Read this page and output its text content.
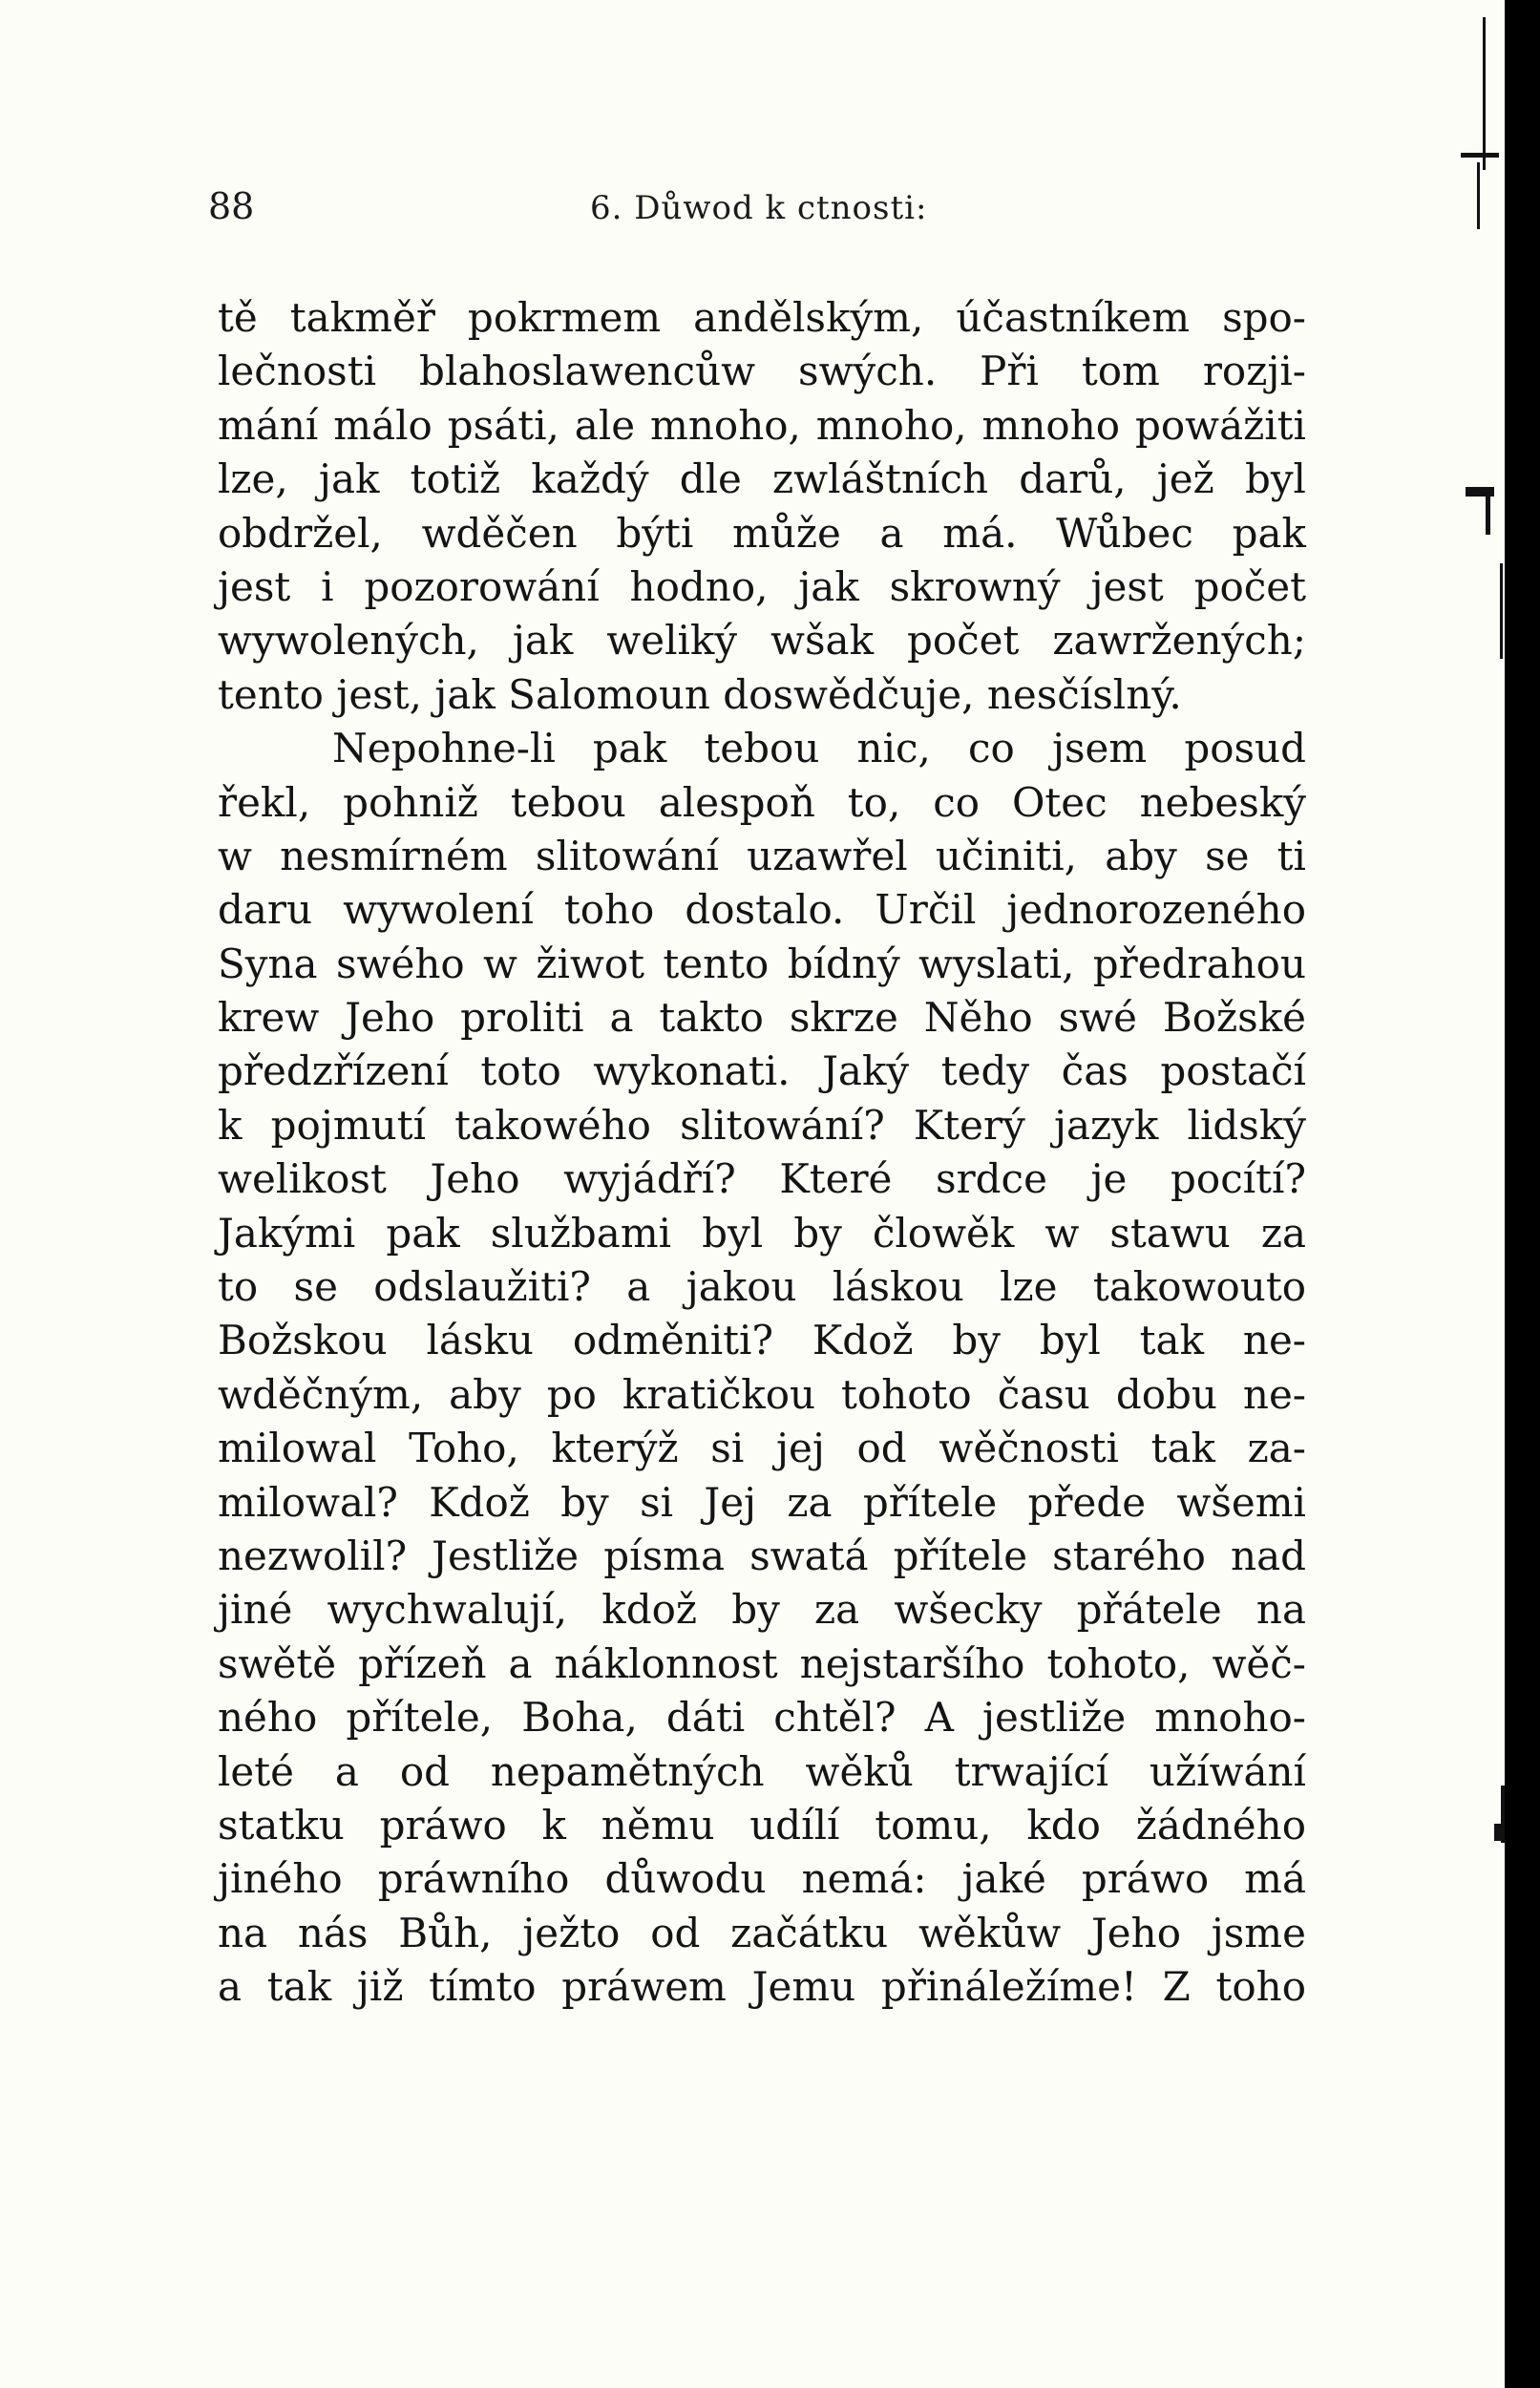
88	6. Důwod k ctnosti:
tě takměř pokrmem andělským, účastníkem spo-
lečnosti blahoslawencůw swých. Při tom rozji-
mání málo psáti, ale mnoho, mnoho, mnoho powážiti
lze, jak totiž každý dle zwláštních darů, jež byl
obdržel, wděčen býti může a má. Wůbec pak
jest i pozorowání hodno, jak skrowný jest počet
wywolených, jak weliký wšak počet zawržených;
tento jest, jak Salomoun doswědčuje, nesčíslný.
Nepohne-li pak tebou nic, co jsem posud
řekl, pohniž tebou alespoň to, co Otec nebeský
w nesmírném slitowání uzawřel učiniti, aby se ti
daru wywolení toho dostalo. Určil jednorozeného
Syna swého w žiwot tento bídný wyslati, předrahou
krew Jeho proliti a takto skrze Něho swé Božské
předzřízení toto wykonati. Jaký tedy čas postačí
k pojmutí takowého slitowání? Který jazyk lidský
welikost Jeho wyjádří? Které srdce je pocítí?
Jakými pak službami byl by člowěk w stawu za
to se odslaužiti? a jakou láskou lze takowouto
Božskou lásku odměniti? Kdož by byl tak ne-
wděčným, aby po kratičkou tohoto času dobu ne-
milowal Toho, kterýž si jej od wěčnosti tak za-
milowal? Kdož by si Jej za přítele přede wšemi
nezwolil? Jestliže písma swatá přítele starého nad
jiné wychwalují, kdož by za wšecky přátele na
swětě přízeň a náklonnost nejstaršího tohoto, wěč-
ného přítele, Boha, dáti chtěl? A jestliže mnoho-
leté a od nepamětných wěků trwající užíwání
statku práwo k němu udílí tomu, kdo žádného
jiného práwního důwodu nemá: jaké práwo má
na nás Bůh, ježto od začátku wěkůw Jeho jsme
a tak již tímto práwem Jemu přináležíme! Z toho
